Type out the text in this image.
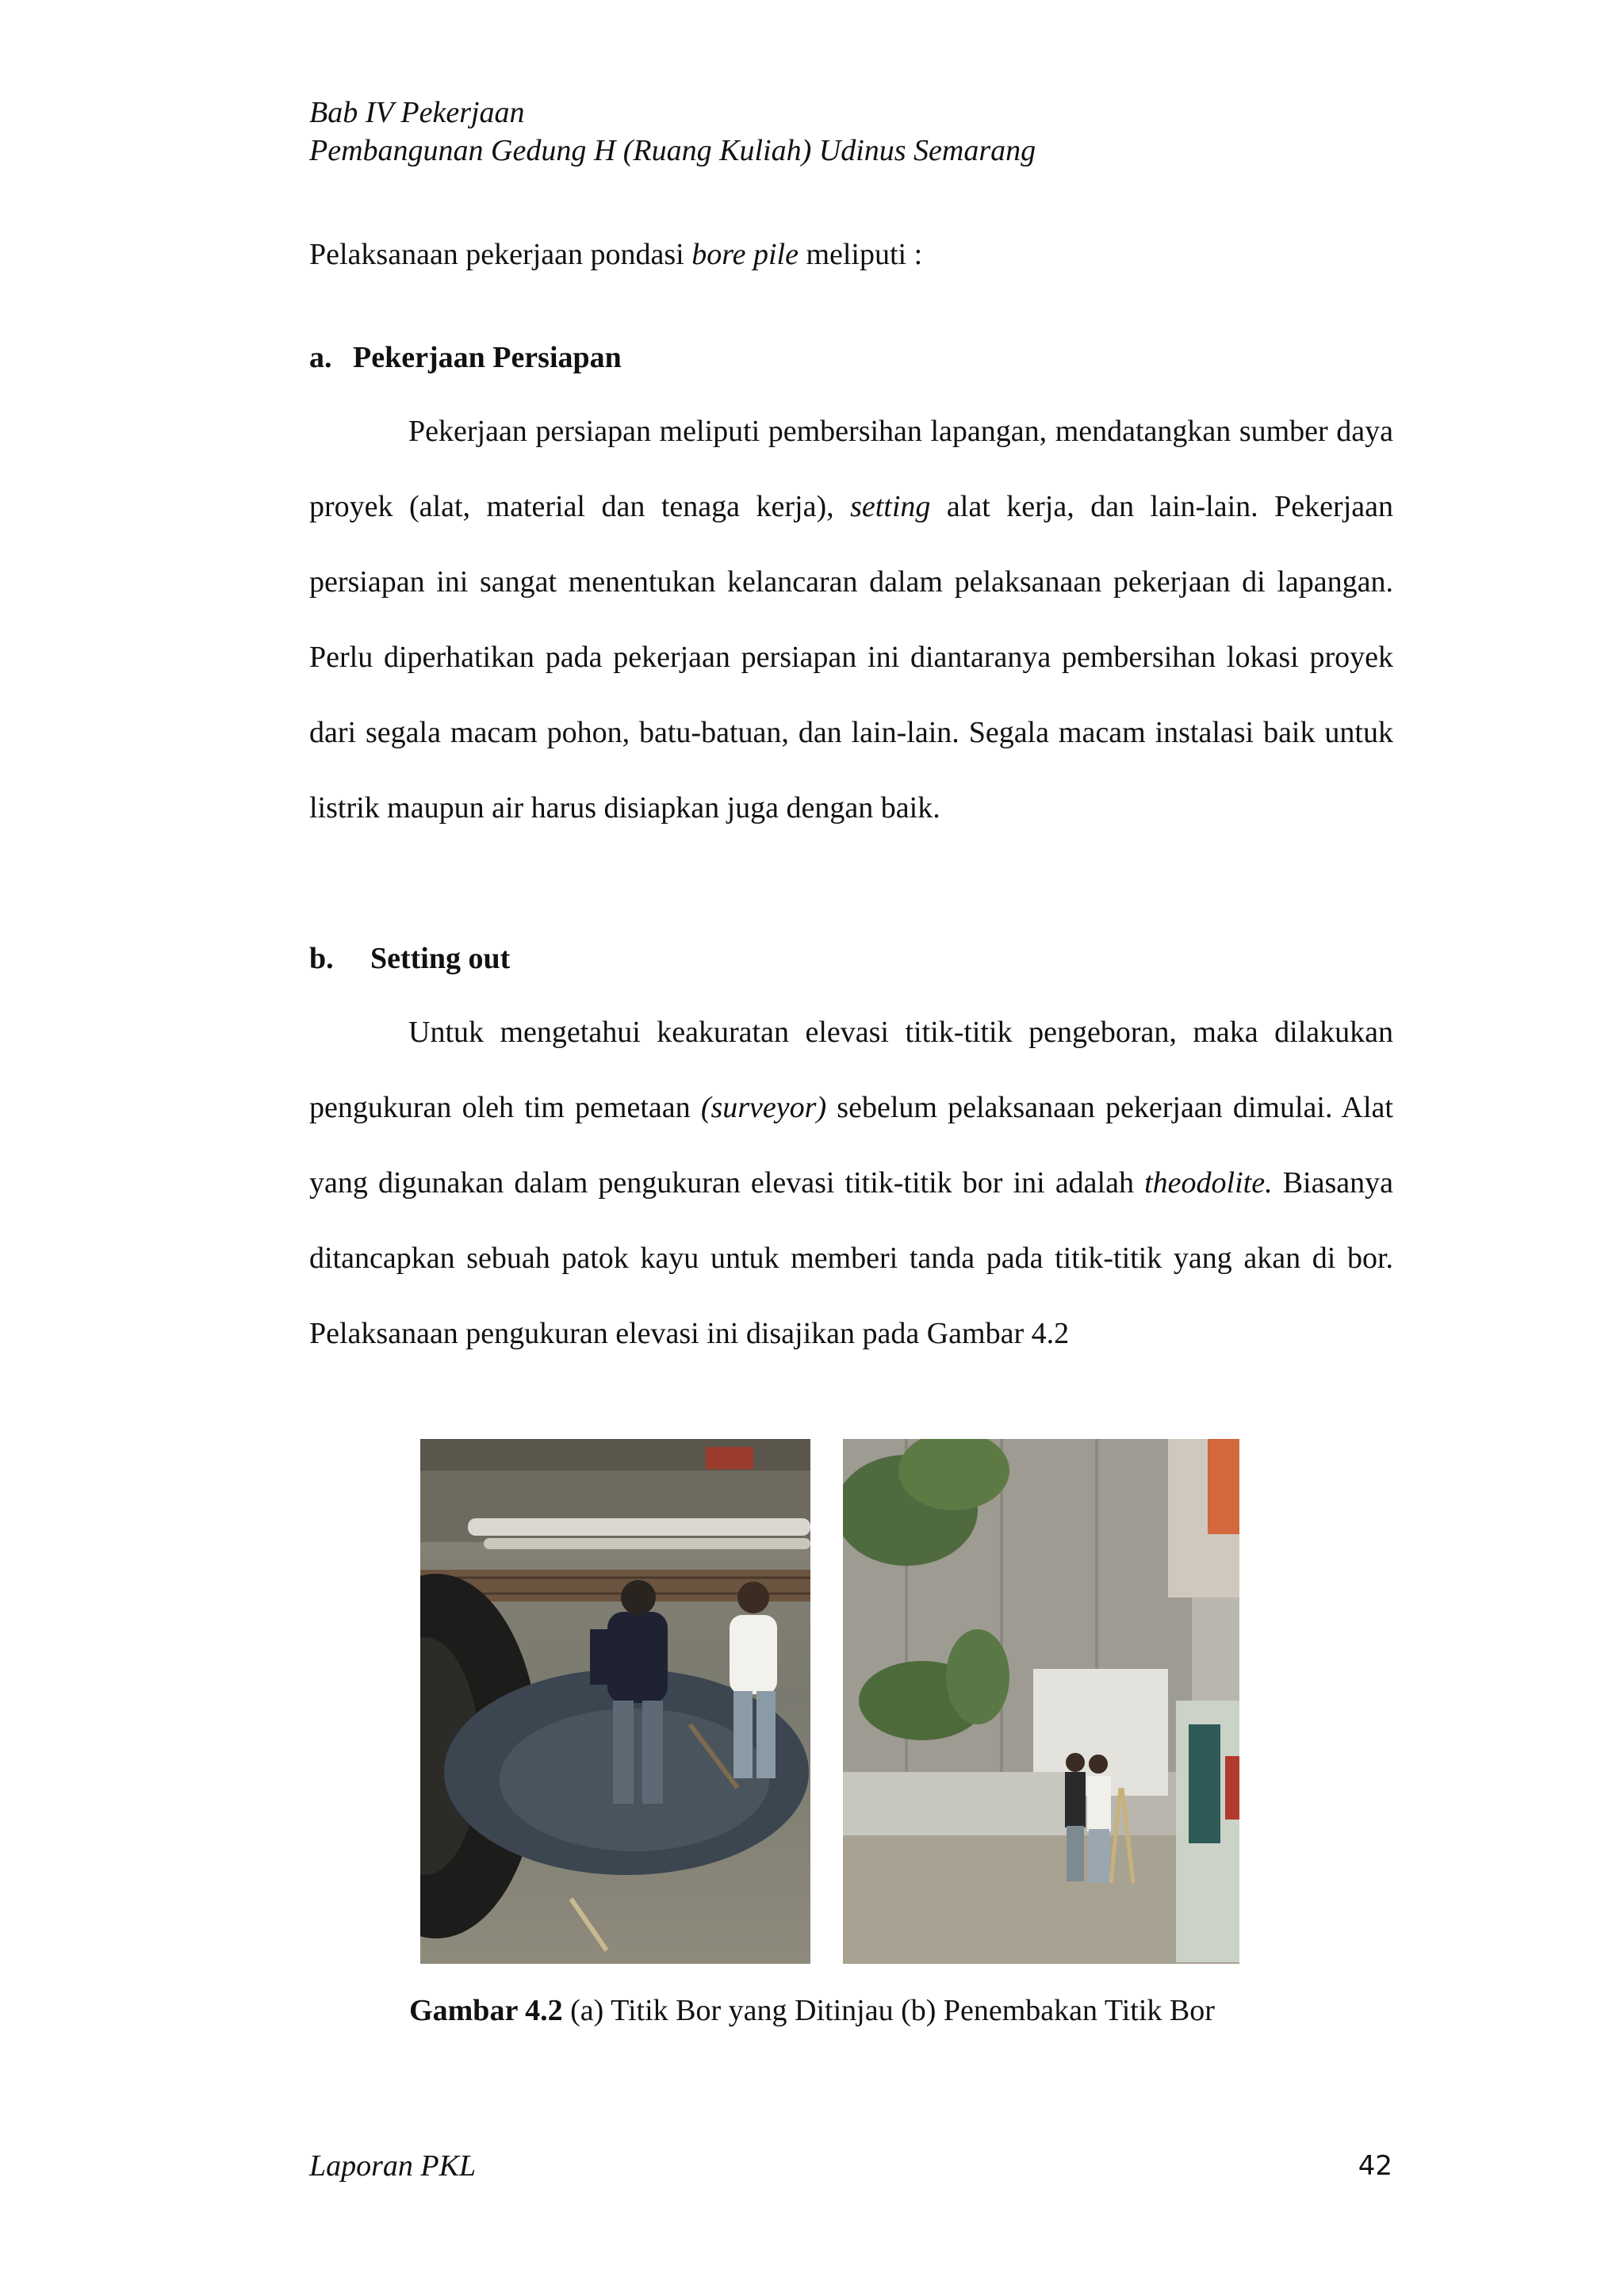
Bab IV Pekerjaan
Pembangunan Gedung H (Ruang Kuliah) Udinus Semarang
Pelaksanaan pekerjaan pondasi bore pile meliputi :
a. Pekerjaan Persiapan

Pekerjaan persiapan meliputi pembersihan lapangan, mendatangkan sumber daya proyek (alat, material dan tenaga kerja), setting alat kerja, dan lain-lain. Pekerjaan persiapan ini sangat menentukan kelancaran dalam pelaksanaan pekerjaan di lapangan. Perlu diperhatikan pada pekerjaan persiapan ini diantaranya pembersihan lokasi proyek dari segala macam pohon, batu-batuan, dan lain-lain. Segala macam instalasi baik untuk listrik maupun air harus disiapkan juga dengan baik.

b. Setting out

Untuk mengetahui keakuratan elevasi titik-titik pengeboran, maka dilakukan pengukuran oleh tim pemetaan (surveyor) sebelum pelaksanaan pekerjaan dimulai. Alat yang digunakan dalam pengukuran elevasi titik-titik bor ini adalah theodolite. Biasanya ditancapkan sebuah patok kayu untuk memberi tanda pada titik-titik yang akan di bor. Pelaksanaan pengukuran elevasi ini disajikan pada Gambar 4.2

Gambar 4.2 (a) Titik Bor yang Ditinjau (b) Penembakan Titik Bor
Laporan PKL	42
